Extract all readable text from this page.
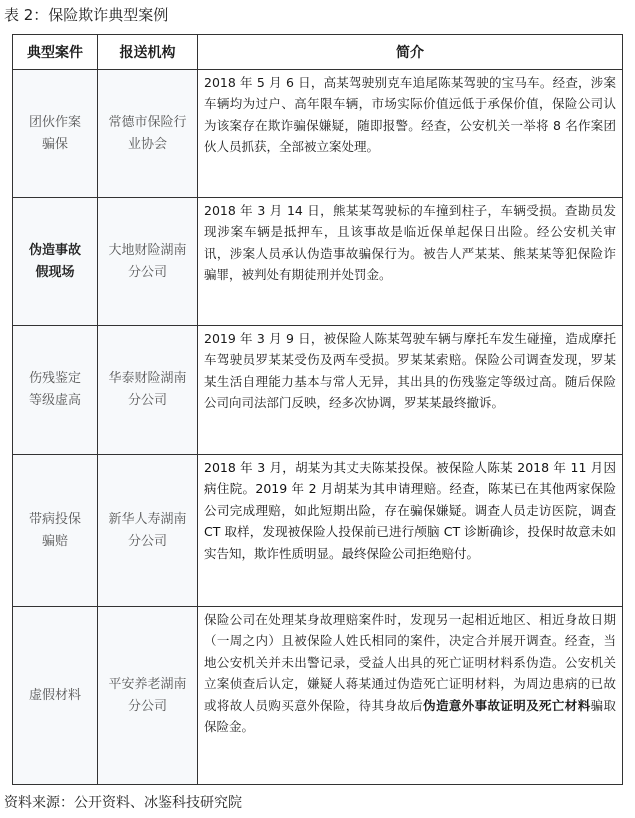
表 2：保险欺诈典型案例
典型案件	报送机构	简介
团伙作案骗保	常德市保险行业协会	2018 年 5 月 6 日，高某驾驶别克车追尾陈某驾驶的宝马车。经查，涉案车辆均为过户、高年限车辆，市场实际价值远低于承保价值，保险公司认为该案存在欺诈骗保嫌疑，随即报警。经查，公安机关一举将 8 名作案团伙人员抓获，全部被立案处理。
伪造事故假现场	大地财险湖南分公司	2018 年 3 月 14 日，熊某某驾驶标的车撞到柱子，车辆受损。查勘员发现涉案车辆是抵押车，且该事故是临近保单起保日出险。经公安机关审讯，涉案人员承认伪造事故骗保行为。被告人严某某、熊某某等犯保险诈骗罪，被判处有期徒刑并处罚金。
伤残鉴定等级虚高	华泰财险湖南分公司	2019 年 3 月 9 日，被保险人陈某驾驶车辆与摩托车发生碰撞，造成摩托车驾驶员罗某某受伤及两车受损。罗某某索赔。保险公司调查发现，罗某某生活自理能力基本与常人无异，其出具的伤残鉴定等级过高。随后保险公司向司法部门反映，经多次协调，罗某某最终撤诉。
带病投保骗赔	新华人寿湖南分公司	2018 年 3 月，胡某为其丈夫陈某投保。被保险人陈某 2018 年 11 月因病住院。2019 年 2 月胡某为其申请理赔。经查，陈某已在其他两家保险公司完成理赔，如此短期出险，存在骗保嫌疑。调查人员走访医院，调查 CT 取样，发现被保险人投保前已进行颅脑 CT 诊断确诊，投保时故意未如实告知，欺诈性质明显。最终保险公司拒绝赔付。
虚假材料	平安养老湖南分公司	保险公司在处理某身故理赔案件时，发现另一起相近地区、相近身故日期（一周之内）且被保险人姓氏相同的案件，决定合并展开调查。经查，当地公安机关并未出警记录，受益人出具的死亡证明材料系伪造。公安机关立案侦查后认定，嫌疑人蒋某通过伪造死亡证明材料，为周边患病的已故或将故人员购买意外保险，待其身故后伪造意外事故证明及死亡材料骗取保险金。
资料来源：公开资料、冰鉴科技研究院
